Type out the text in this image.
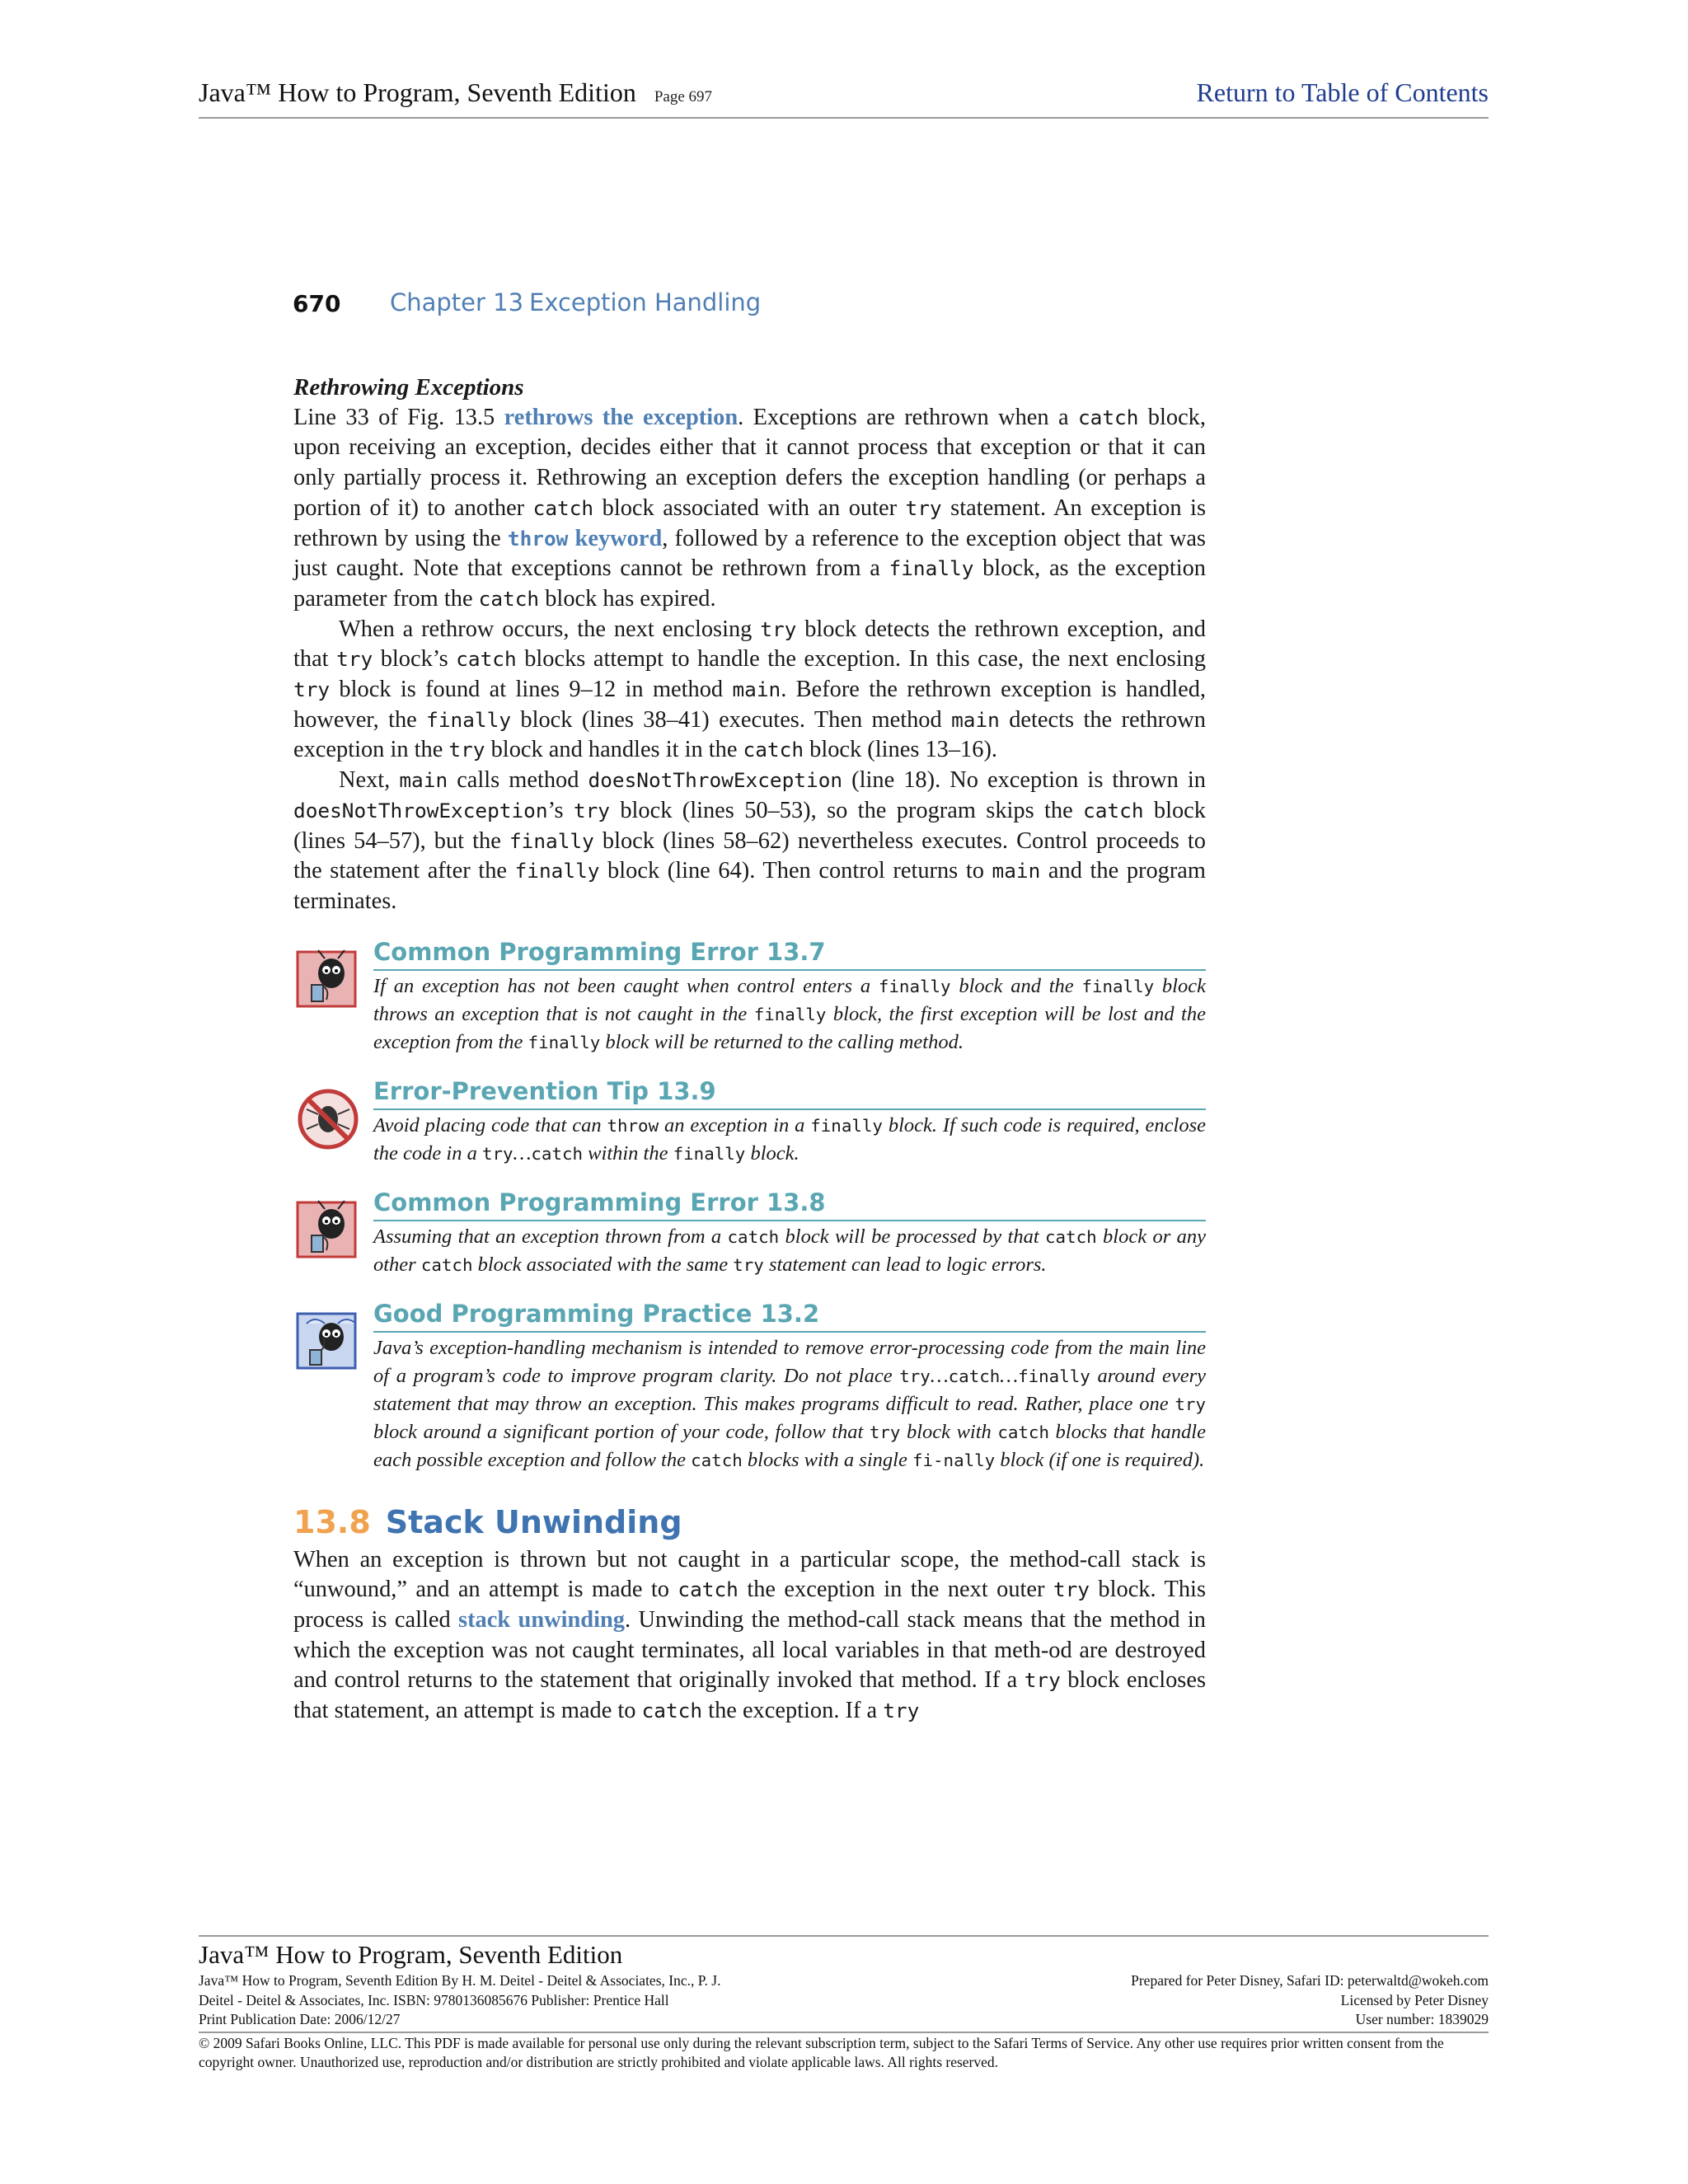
Java™ How to Program, Seventh Edition Page 697	Return to Table of Contents
670 Chapter 13 Exception Handling
Rethrowing Exceptions

Line 33 of Fig. 13.5 rethrows the exception. Exceptions are rethrown when a catch block, upon receiving an exception, decides either that it cannot process that exception or that it can only partially process it. Rethrowing an exception defers the exception handling (or perhaps a portion of it) to another catch block associated with an outer try statement. An exception is rethrown by using the throw keyword, followed by a reference to the exception object that was just caught. Note that exceptions cannot be rethrown from a finally block, as the exception parameter from the catch block has expired.

When a rethrow occurs, the next enclosing try block detects the rethrown exception, and that try block’s catch blocks attempt to handle the exception. In this case, the next enclosing try block is found at lines 9–12 in method main. Before the rethrown exception is handled, however, the finally block (lines 38–41) executes. Then method main detects the rethrown exception in the try block and handles it in the catch block (lines 13–16).

Next, main calls method doesNotThrowException (line 18). No exception is thrown in doesNotThrowException’s try block (lines 50–53), so the program skips the catch block (lines 54–57), but the finally block (lines 58–62) nevertheless executes. Control proceeds to the statement after the finally block (line 64). Then control returns to main and the program terminates.

Common Programming Error 13.7
If an exception has not been caught when control enters a finally block and the finally block throws an exception that is not caught in the finally block, the first exception will be lost and the exception from the finally block will be returned to the calling method.
Error-Prevention Tip 13.9
Avoid placing code that can throw an exception in a finally block. If such code is required, enclose the code in a try…catch within the finally block.
Common Programming Error 13.8
Assuming that an exception thrown from a catch block will be processed by that catch block or any other catch block associated with the same try statement can lead to logic errors.
Good Programming Practice 13.2
Java’s exception-handling mechanism is intended to remove error-processing code from the main line of a program’s code to improve program clarity. Do not place try…catch…finally around every statement that may throw an exception. This makes programs difficult to read. Rather, place one try block around a significant portion of your code, follow that try block with catch blocks that handle each possible exception and follow the catch blocks with a single fi-nally block (if one is required).
13.8 Stack Unwinding

When an exception is thrown but not caught in a particular scope, the method-call stack is “unwound,” and an attempt is made to catch the exception in the next outer try block. This process is called stack unwinding. Unwinding the method-call stack means that the method in which the exception was not caught terminates, all local variables in that meth-od are destroyed and control returns to the statement that originally invoked that method. If a try block encloses that statement, an attempt is made to catch the exception. If a try

Java™ How to Program, Seventh Edition
Java™ How to Program, Seventh Edition By H. M. Deitel - Deitel & Associates, Inc., P. J.	Prepared for Peter Disney, Safari ID: peterwaltd@wokeh.com
Deitel - Deitel & Associates, Inc. ISBN: 9780136085676 Publisher: Prentice Hall	Licensed by Peter Disney
Print Publication Date: 2006/12/27	User number: 1839029
© 2009 Safari Books Online, LLC. This PDF is made available for personal use only during the relevant subscription term, subject to the Safari Terms of Service. Any other use requires prior written consent from the copyright owner. Unauthorized use, reproduction and/or distribution are strictly prohibited and violate applicable laws. All rights reserved.
